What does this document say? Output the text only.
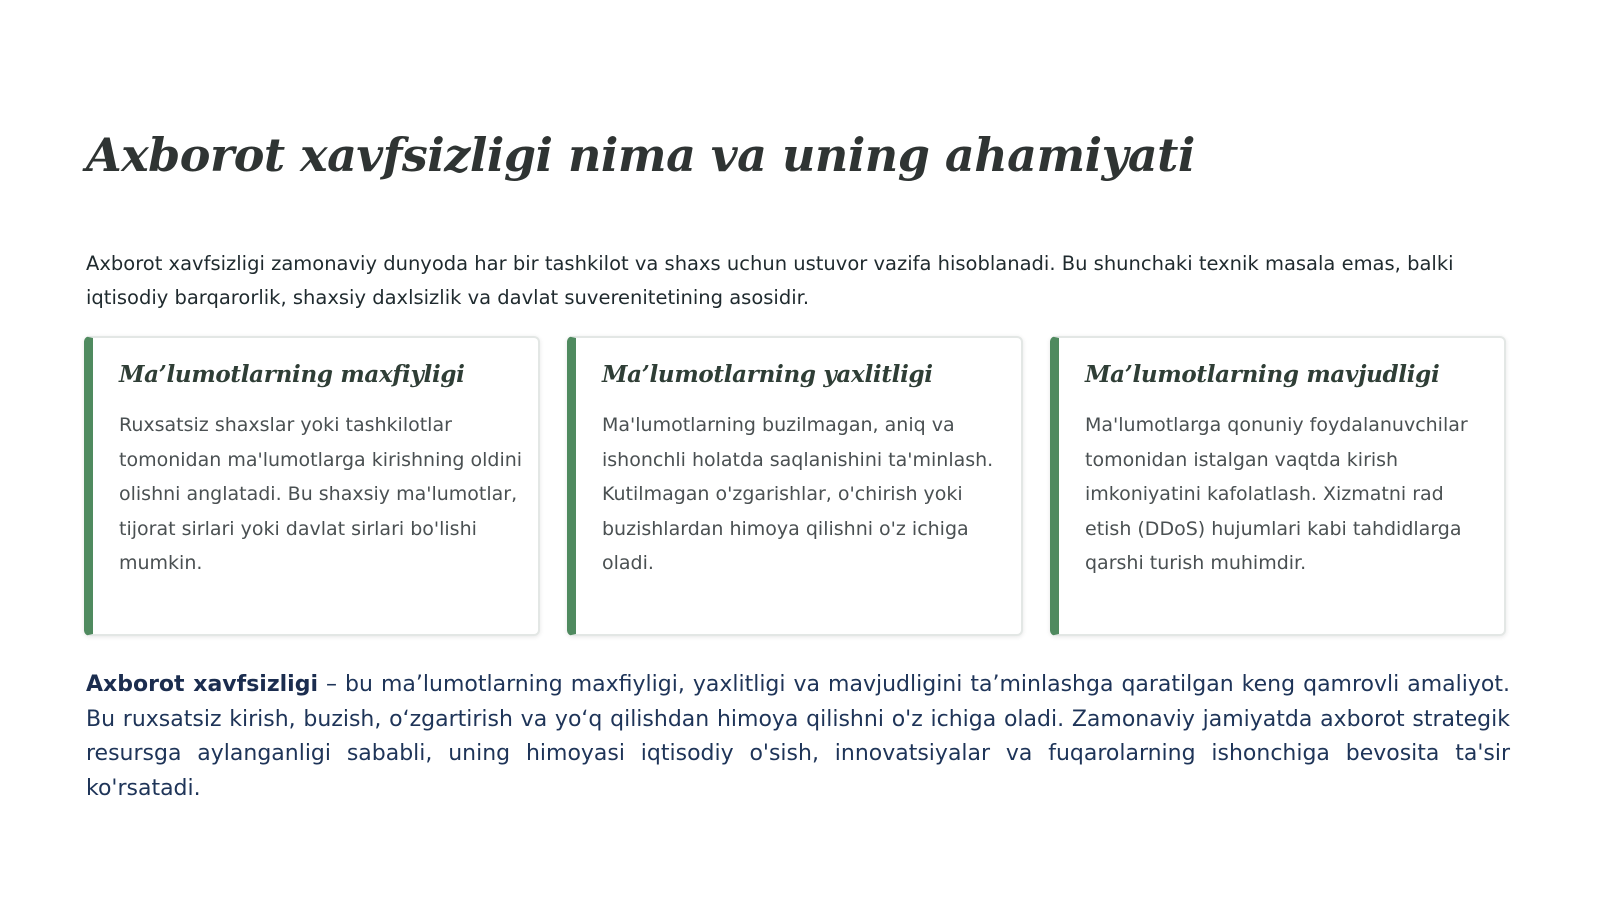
Axborot xavfsizligi nima va uning ahamiyati

Axborot xavfsizligi zamonaviy dunyoda har bir tashkilot va shaxs uchun ustuvor vazifa hisoblanadi. Bu shunchaki texnik masala emas, balki iqtisodiy barqarorlik, shaxsiy daxlsizlik va davlat suverenitetining asosidir.

Ma’lumotlarning maxfiyligi

Ruxsatsiz shaxslar yoki tashkilotlar tomonidan ma'lumotlarga kirishning oldini olishni anglatadi. Bu shaxsiy ma'lumotlar, tijorat sirlari yoki davlat sirlari bo'lishi mumkin.

Ma’lumotlarning yaxlitligi

Ma'lumotlarning buzilmagan, aniq va ishonchli holatda saqlanishini ta'minlash. Kutilmagan o'zgarishlar, o'chirish yoki buzishlardan himoya qilishni o'z ichiga oladi.

Ma’lumotlarning mavjudligi

Ma'lumotlarga qonuniy foydalanuvchilar tomonidan istalgan vaqtda kirish imkoniyatini kafolatlash. Xizmatni rad etish (DDoS) hujumlari kabi tahdidlarga qarshi turish muhimdir.

Axborot xavfsizligi – bu ma’lumotlarning maxfiyligi, yaxlitligi va mavjudligini ta’minlashga qaratilgan keng qamrovli amaliyot. Bu ruxsatsiz kirish, buzish, oʻzgartirish va yoʻq qilishdan himoya qilishni o'z ichiga oladi. Zamonaviy jamiyatda axborot strategik resursga aylanganligi sababli, uning himoyasi iqtisodiy o'sish, innovatsiyalar va fuqarolarning ishonchiga bevosita ta'sir ko'rsatadi.
